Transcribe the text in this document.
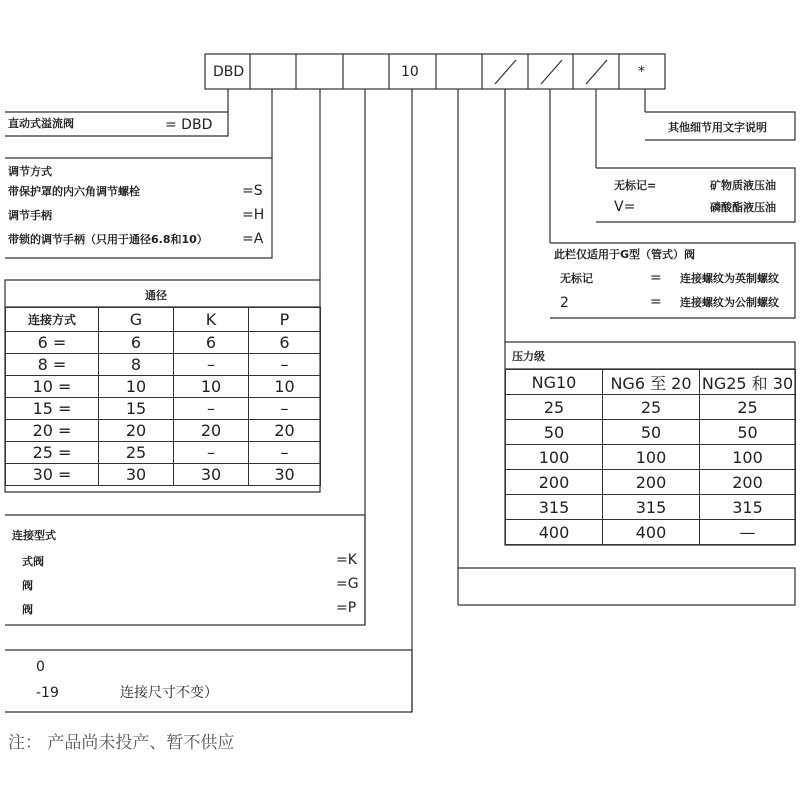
DBD	10	*
直动式溢流阀	= DBD
调节方式
带保护罩的内六角调节螺栓	=S
调节手柄	=H
带锁的调节手柄（只用于通径6.8和10） =A
通径
连接方式	G	K	P
6 =	6	6	6
8 =	8	–	–
10 =	10	10	10
15 =	15	–	–
20 =	20	20	20
25 =	25	–	–
30 =	30	30	30
连接型式
式阀	=K
阀	=G
阀	=P
0
-19	连接尺寸不变）
注： 产品尚未投产、暂不供应
其他细节用文字说明
无标记=	矿物质液压油
V=	磷酸酯液压油
此栏仅适用于G型（管式）阀
无标记	= 连接螺纹为英制螺纹
2	= 连接螺纹为公制螺纹
压力级
NG10	NG6 至 20	NG25 和 30
25	25	25
50	50	50
100	100	100
200	200	200
315	315	315
400	400	—
